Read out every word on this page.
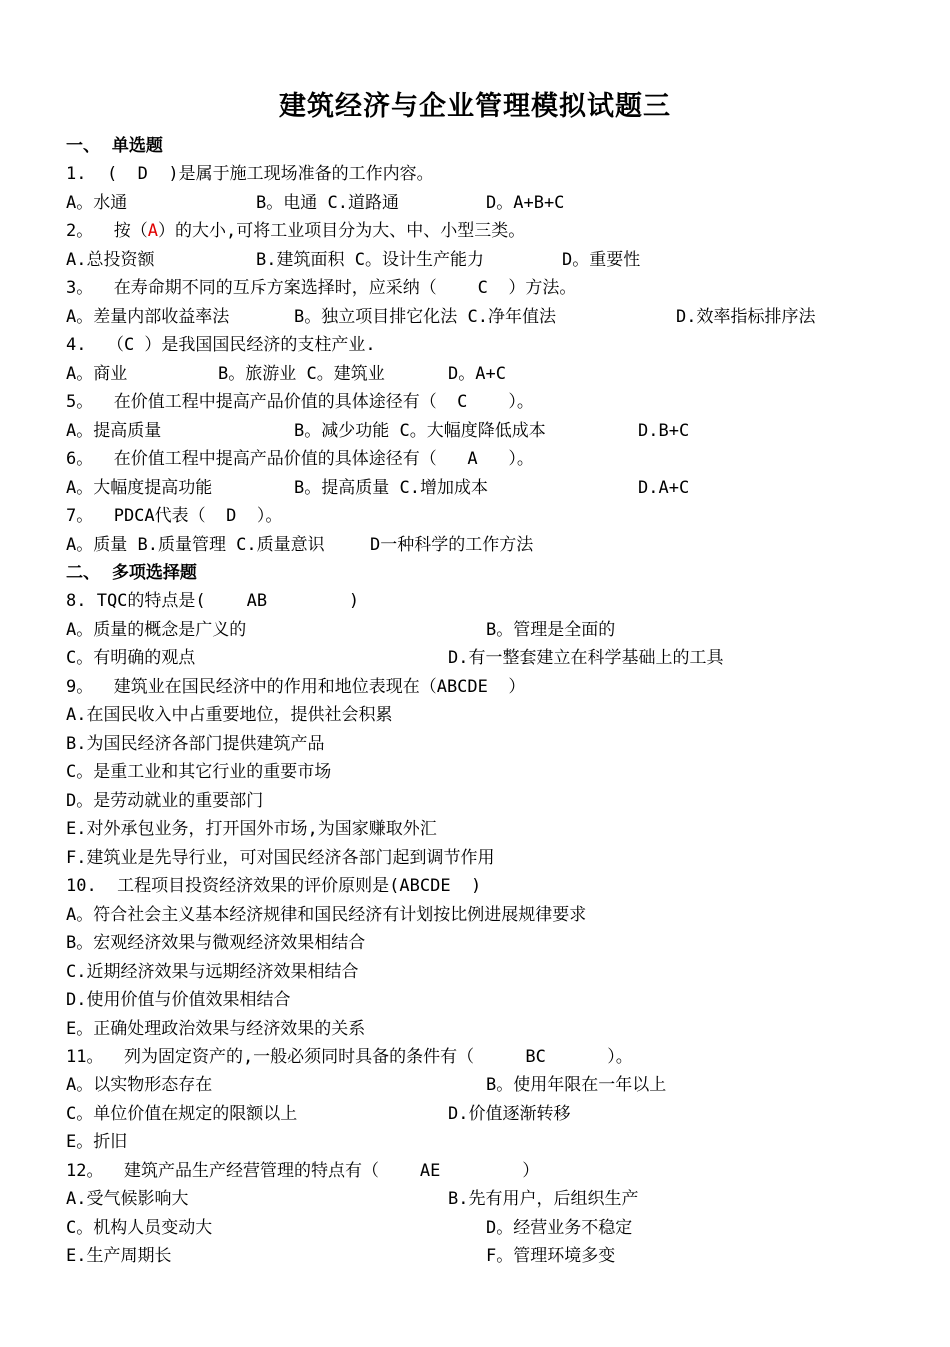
建筑经济与企业管理模拟试题三
一、  单选题
1.  (  D  )是属于施工现场准备的工作内容。

A。水通

	B。电通 C.道路通

	D。A+B+C

2。  按（A）的大小,可将工业项目分为大、中、小型三类。

A.总投资额

	B.建筑面积 C。设计生产能力

	D。重要性

3。  在寿命期不同的互斥方案选择时，应采纳（    C  ）方法。

A。差量内部收益率法

	B。独立项目排它化法 C.净年值法

	D.效率指标排序法

4.  （C ）是我国国民经济的支柱产业.

A。商业

	B。旅游业 C。建筑业

	D。A+C

5。  在价值工程中提高产品价值的具体途径有（  C    ）。

A。提高质量

	B。减少功能 C。大幅度降低成本

	D.B+C

6。  在价值工程中提高产品价值的具体途径有（   A   ）。

A。大幅度提高功能

	B。提高质量 C.增加成本

	D.A+C

7。  PDCA代表（  D  ）。

A。质量 B.质量管理 C.质量意识

	D一种科学的工作方法

二、  多项选择题
8. TQC的特点是(    AB        )

A。质量的概念是广义的

	B。管理是全面的

C。有明确的观点

	D.有一整套建立在科学基础上的工具

9。  建筑业在国民经济中的作用和地位表现在（ABCDE  ）
A.在国民收入中占重要地位，提供社会积累
B.为国民经济各部门提供建筑产品
C。是重工业和其它行业的重要市场
D。是劳动就业的重要部门
E.对外承包业务，打开国外市场,为国家赚取外汇
F.建筑业是先导行业，可对国民经济各部门起到调节作用
10.  工程项目投资经济效果的评价原则是(ABCDE  )
A。符合社会主义基本经济规律和国民经济有计划按比例进展规律要求
B。宏观经济效果与微观经济效果相结合
C.近期经济效果与远期经济效果相结合
D.使用价值与价值效果相结合
E。正确处理政治效果与经济效果的关系
11。  列为固定资产的,一般必须同时具备的条件有（     BC      ）。

A。以实物形态存在

	B。使用年限在一年以上

C。单位价值在规定的限额以上

	D.价值逐渐转移

E。折旧
12。  建筑产品生产经营管理的特点有（    AE        ）

A.受气候影响大

	B.先有用户，后组织生产

C。机构人员变动大

	D。经营业务不稳定

E.生产周期长

	F。管理环境多变
